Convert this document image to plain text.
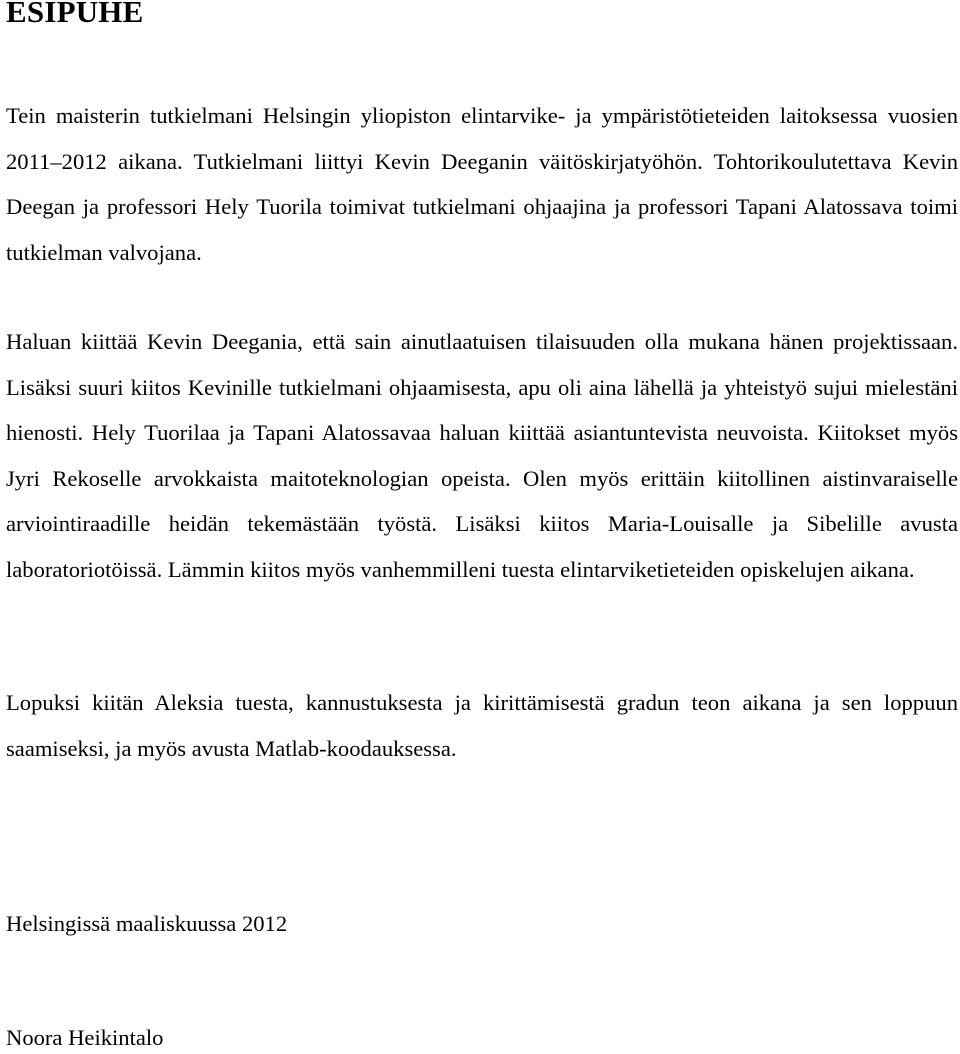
ESIPUHE

Tein maisterin tutkielmani Helsingin yliopiston elintarvike- ja ympäristötieteiden laitoksessa vuosien 2011–2012 aikana. Tutkielmani liittyi Kevin Deeganin väitöskirjatyöhön. Tohtorikoulutettava Kevin Deegan ja professori Hely Tuorila toimivat tutkielmani ohjaajina ja professori Tapani Alatossava toimi tutkielman valvojana.

Haluan kiittää Kevin Deegania, että sain ainutlaatuisen tilaisuuden olla mukana hänen projektissaan. Lisäksi suuri kiitos Kevinille tutkielmani ohjaamisesta, apu oli aina lähellä ja yhteistyö sujui mielestäni hienosti. Hely Tuorilaa ja Tapani Alatossavaa haluan kiittää asiantuntevista neuvoista. Kiitokset myös Jyri Rekoselle arvokkaista maitoteknologian opeista. Olen myös erittäin kiitollinen aistinvaraiselle arviointiraadille heidän tekemästään työstä. Lisäksi kiitos Maria-Louisalle ja Sibelille avusta laboratoriotöissä. Lämmin kiitos myös vanhemmilleni tuesta elintarviketieteiden opiskelujen aikana.

Lopuksi kiitän Aleksia tuesta, kannustuksesta ja kirittämisestä gradun teon aikana ja sen loppuun saamiseksi, ja myös avusta Matlab-koodauksessa.

Helsingissä maaliskuussa 2012

Noora Heikintalo
